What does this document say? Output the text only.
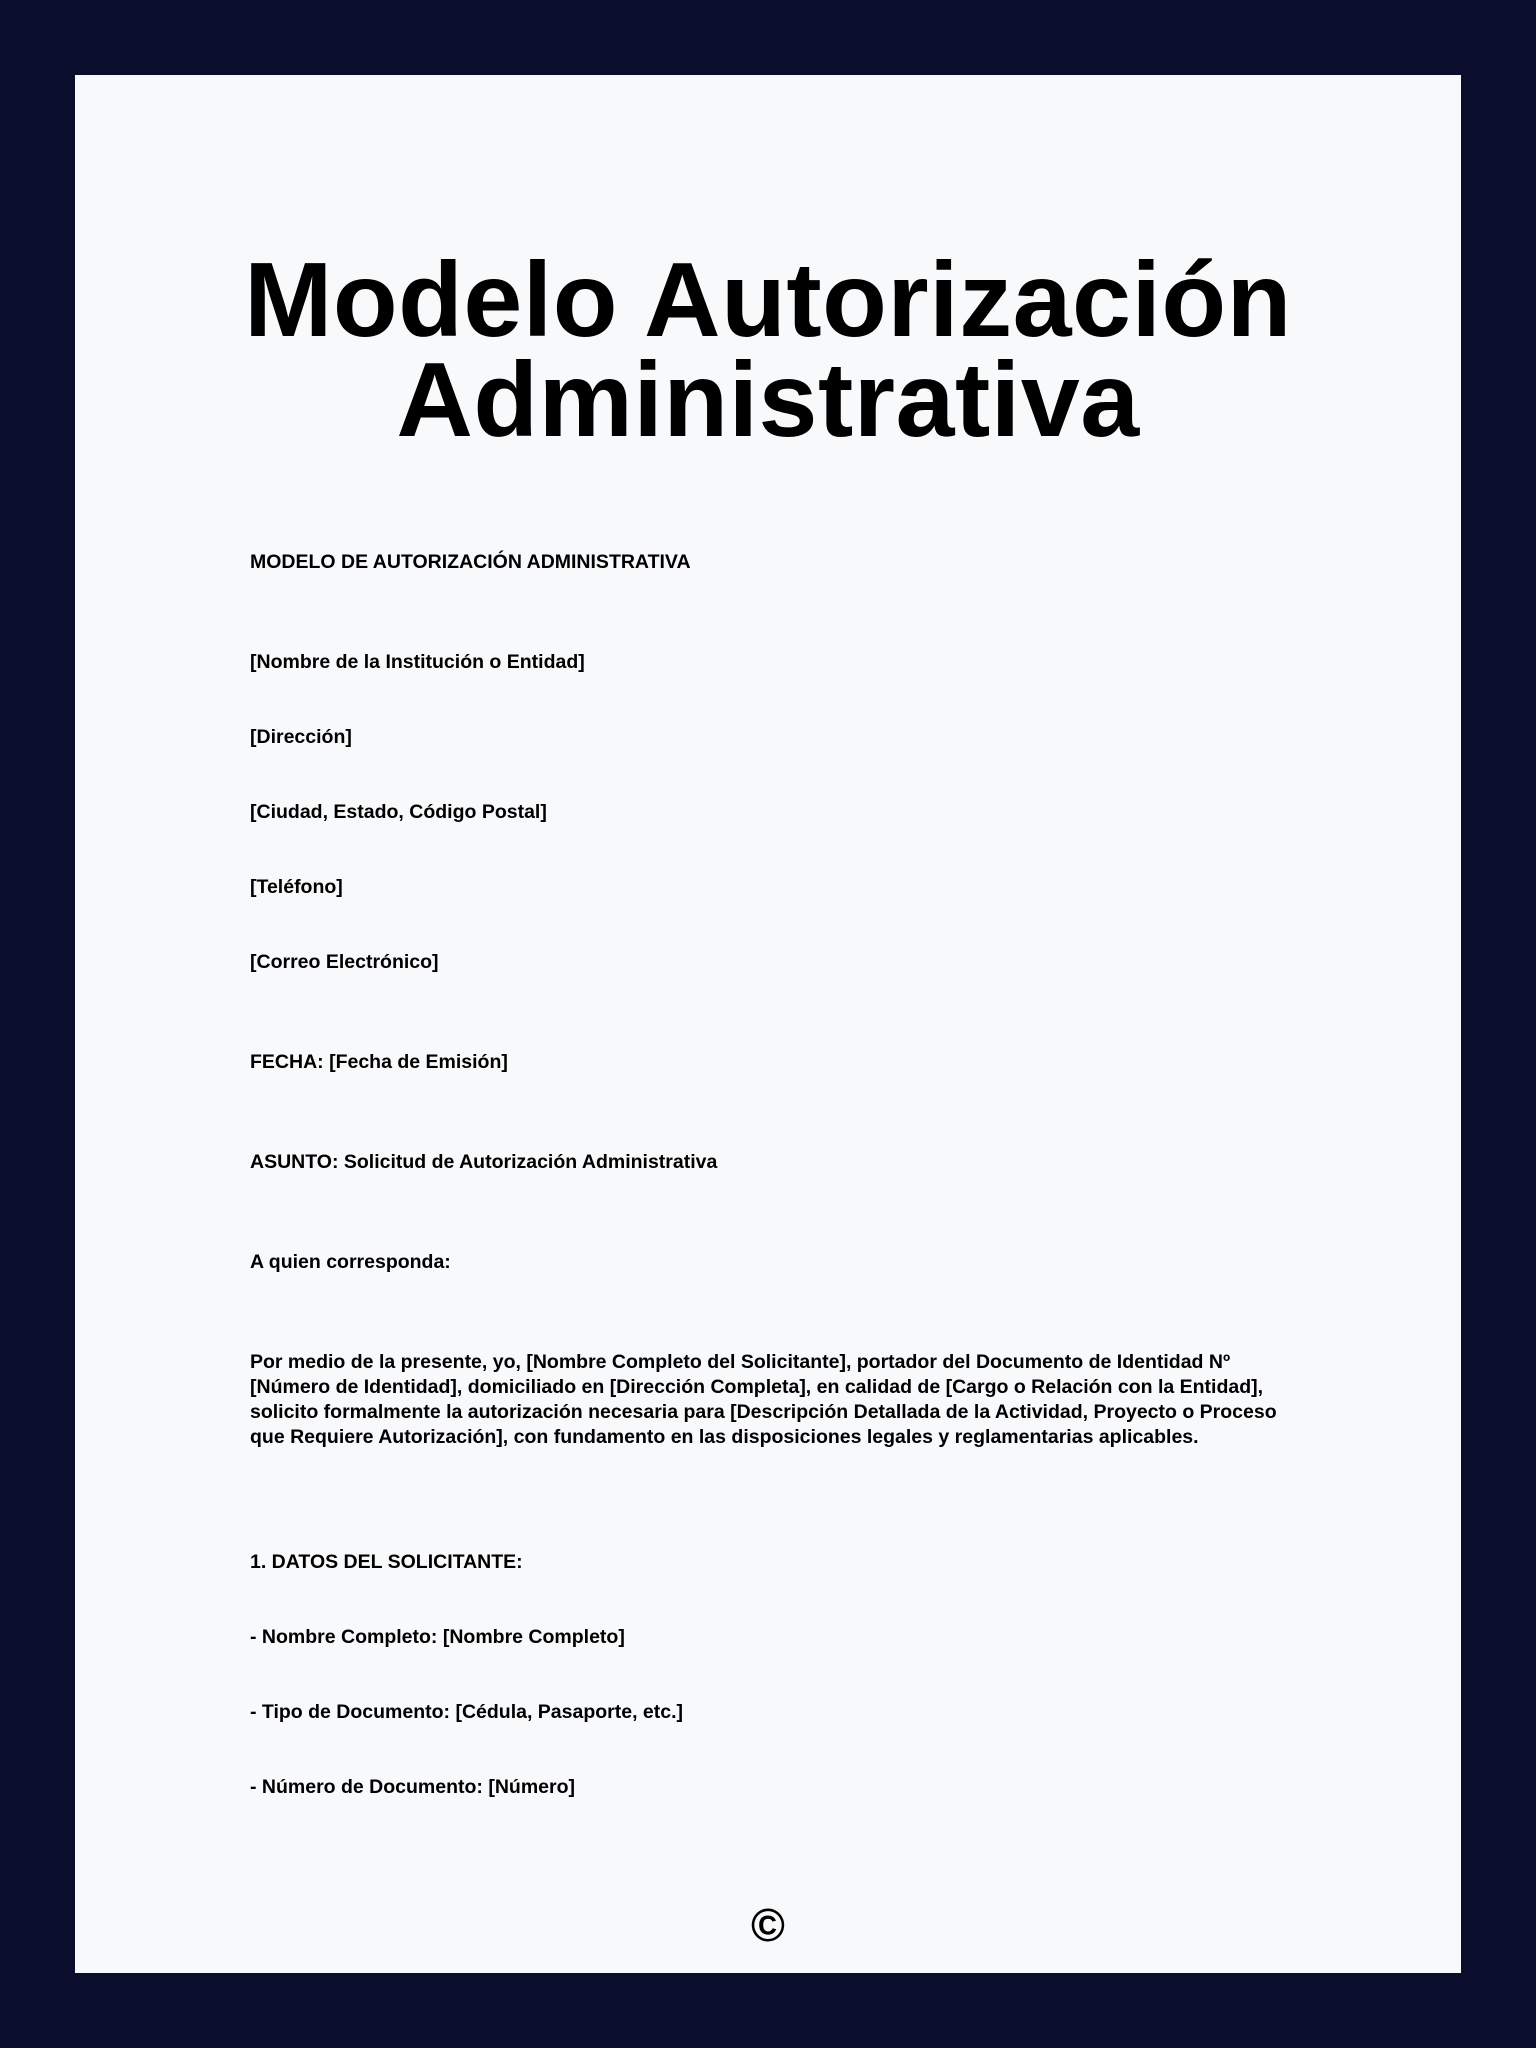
Modelo Autorización
Administrativa

MODELO DE AUTORIZACIÓN ADMINISTRATIVA

[Nombre de la Institución o Entidad]

[Dirección]

[Ciudad, Estado, Código Postal]

[Teléfono]

[Correo Electrónico]

FECHA: [Fecha de Emisión]

ASUNTO: Solicitud de Autorización Administrativa

A quien corresponda:

Por medio de la presente, yo, [Nombre Completo del Solicitante], portador del Documento de Identidad Nº [Número de Identidad], domiciliado en [Dirección Completa], en calidad de [Cargo o Relación con la Entidad], solicito formalmente la autorización necesaria para [Descripción Detallada de la Actividad, Proyecto o Proceso que Requiere Autorización], con fundamento en las disposiciones legales y reglamentarias aplicables.

1. DATOS DEL SOLICITANTE:

- Nombre Completo: [Nombre Completo]

- Tipo de Documento: [Cédula, Pasaporte, etc.]

- Número de Documento: [Número]

©
